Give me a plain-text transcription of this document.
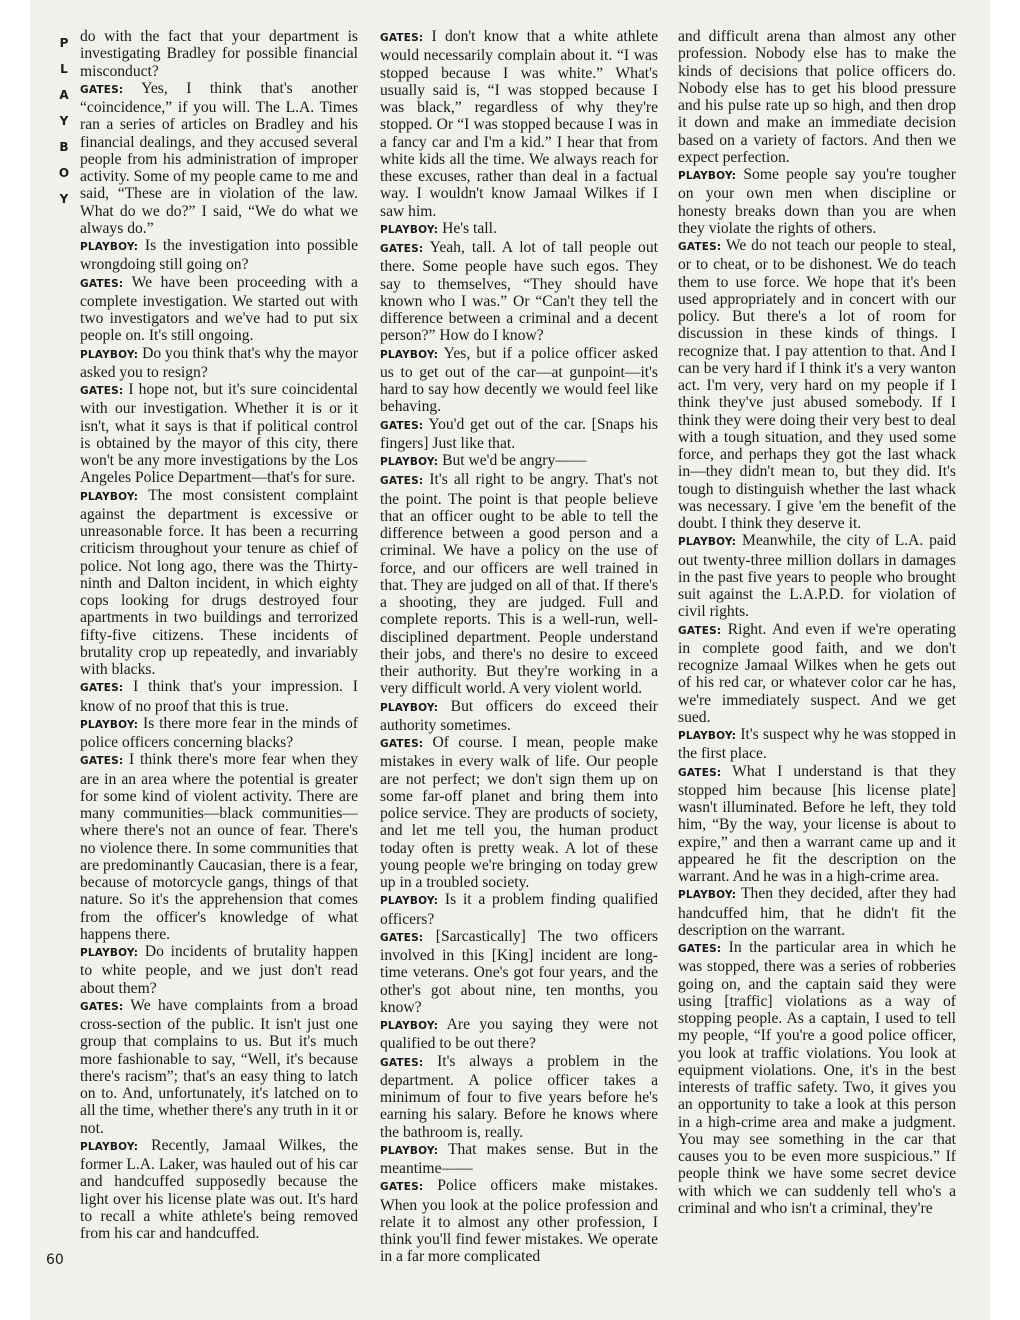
P
L
A
Y
B
O
Y

do with the fact that your department is investigating Bradley for possible financial misconduct?

GATES: Yes, I think that's another “coincidence,” if you will. The L.A. Times ran a series of articles on Bradley and his financial dealings, and they accused several people from his administration of improper activity. Some of my people came to me and said, “These are in violation of the law. What do we do?” I said, “We do what we always do.”

PLAYBOY: Is the investigation into possible wrongdoing still going on?

GATES: We have been proceeding with a complete investigation. We started out with two investigators and we've had to put six people on. It's still ongoing.

PLAYBOY: Do you think that's why the mayor asked you to resign?

GATES: I hope not, but it's sure coincidental with our investigation. Whether it is or it isn't, what it says is that if political control is obtained by the mayor of this city, there won't be any more investigations by the Los Angeles Police Department—that's for sure.

PLAYBOY: The most consistent complaint against the department is excessive or unreasonable force. It has been a recurring criticism throughout your tenure as chief of police. Not long ago, there was the Thirty-ninth and Dalton incident, in which eighty cops looking for drugs destroyed four apartments in two buildings and terrorized fifty-five citizens. These incidents of brutality crop up repeatedly, and invariably with blacks.

GATES: I think that's your impression. I know of no proof that this is true.

PLAYBOY: Is there more fear in the minds of police officers concerning blacks?

GATES: I think there's more fear when they are in an area where the potential is greater for some kind of violent activity. There are many communities—black communities—where there's not an ounce of fear. There's no violence there. In some communities that are predominantly Caucasian, there is a fear, because of motorcycle gangs, things of that nature. So it's the apprehension that comes from the officer's knowledge of what happens there.

PLAYBOY: Do incidents of brutality happen to white people, and we just don't read about them?

GATES: We have complaints from a broad cross-section of the public. It isn't just one group that complains to us. But it's much more fashionable to say, “Well, it's because there's racism”; that's an easy thing to latch on to. And, unfortunately, it's latched on to all the time, whether there's any truth in it or not.

PLAYBOY: Recently, Jamaal Wilkes, the former L.A. Laker, was hauled out of his car and handcuffed supposedly because the light over his license plate was out. It's hard to recall a white athlete's being removed from his car and handcuffed.

GATES: I don't know that a white athlete would necessarily complain about it. “I was stopped because I was white.” What's usually said is, “I was stopped because I was black,” regardless of why they're stopped. Or “I was stopped because I was in a fancy car and I'm a kid.” I hear that from white kids all the time. We always reach for these excuses, rather than deal in a factual way. I wouldn't know Jamaal Wilkes if I saw him.

PLAYBOY: He's tall.

GATES: Yeah, tall. A lot of tall people out there. Some people have such egos. They say to themselves, “They should have known who I was.” Or “Can't they tell the difference between a criminal and a decent person?” How do I know?

PLAYBOY: Yes, but if a police officer asked us to get out of the car—at gunpoint—it's hard to say how decently we would feel like behaving.

GATES: You'd get out of the car. [Snaps his fingers] Just like that.

PLAYBOY: But we'd be angry——

GATES: It's all right to be angry. That's not the point. The point is that people believe that an officer ought to be able to tell the difference between a good person and a criminal. We have a policy on the use of force, and our officers are well trained in that. They are judged on all of that. If there's a shooting, they are judged. Full and complete reports. This is a well-run, well-disciplined department. People understand their jobs, and there's no desire to exceed their authority. But they're working in a very difficult world. A very violent world.

PLAYBOY: But officers do exceed their authority sometimes.

GATES: Of course. I mean, people make mistakes in every walk of life. Our people are not perfect; we don't sign them up on some far-off planet and bring them into police service. They are products of society, and let me tell you, the human product today often is pretty weak. A lot of these young people we're bringing on today grew up in a troubled society.

PLAYBOY: Is it a problem finding qualified officers?

GATES: [Sarcastically] The two officers involved in this [King] incident are long-time veterans. One's got four years, and the other's got about nine, ten months, you know?

PLAYBOY: Are you saying they were not qualified to be out there?

GATES: It's always a problem in the department. A police officer takes a minimum of four to five years before he's earning his salary. Before he knows where the bathroom is, really.

PLAYBOY: That makes sense. But in the meantime——

GATES: Police officers make mistakes. When you look at the police profession and relate it to almost any other profession, I think you'll find fewer mistakes. We operate in a far more complicated

and difficult arena than almost any other profession. Nobody else has to make the kinds of decisions that police officers do. Nobody else has to get his blood pressure and his pulse rate up so high, and then drop it down and make an immediate decision based on a variety of factors. And then we expect perfection.

PLAYBOY: Some people say you're tougher on your own men when discipline or honesty breaks down than you are when they violate the rights of others.

GATES: We do not teach our people to steal, or to cheat, or to be dishonest. We do teach them to use force. We hope that it's been used appropriately and in concert with our policy. But there's a lot of room for discussion in these kinds of things. I recognize that. I pay attention to that. And I can be very hard if I think it's a very wanton act. I'm very, very hard on my people if I think they've just abused somebody. If I think they were doing their very best to deal with a tough situation, and they used some force, and perhaps they got the last whack in—they didn't mean to, but they did. It's tough to distinguish whether the last whack was necessary. I give 'em the benefit of the doubt. I think they deserve it.

PLAYBOY: Meanwhile, the city of L.A. paid out twenty-three million dollars in damages in the past five years to people who brought suit against the L.A.P.D. for violation of civil rights.

GATES: Right. And even if we're operating in complete good faith, and we don't recognize Jamaal Wilkes when he gets out of his red car, or whatever color car he has, we're immediately suspect. And we get sued.

PLAYBOY: It's suspect why he was stopped in the first place.

GATES: What I understand is that they stopped him because [his license plate] wasn't illuminated. Before he left, they told him, “By the way, your license is about to expire,” and then a warrant came up and it appeared he fit the description on the warrant. And he was in a high-crime area.

PLAYBOY: Then they decided, after they had handcuffed him, that he didn't fit the description on the warrant.

GATES: In the particular area in which he was stopped, there was a series of robberies going on, and the captain said they were using [traffic] violations as a way of stopping people. As a captain, I used to tell my people, “If you're a good police officer, you look at traffic violations. You look at equipment violations. One, it's in the best interests of traffic safety. Two, it gives you an opportunity to take a look at this person in a high-crime area and make a judgment. You may see something in the car that causes you to be even more suspicious.” If people think we have some secret device with which we can suddenly tell who's a criminal and who isn't a criminal, they're

60
